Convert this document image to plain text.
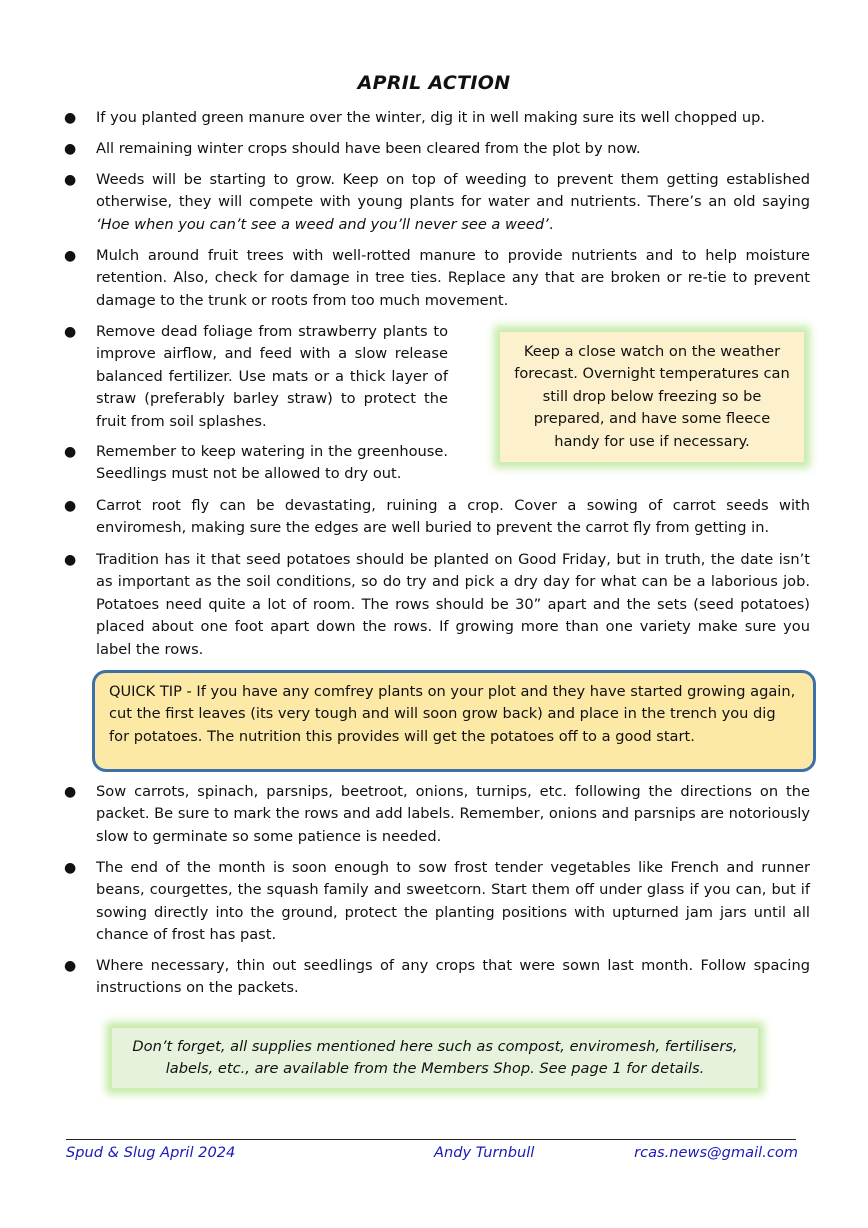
APRIL ACTION
● If you planted green manure over the winter, dig it in well making sure its well chopped up.
● All remaining winter crops should have been cleared from the plot by now.
● Weeds will be starting to grow. Keep on top of weeding to prevent them getting established otherwise, they will compete with young plants for water and nutrients. There’s an old saying ‘Hoe when you can’t see a weed and you’ll never see a weed’.
● Mulch around fruit trees with well-rotted manure to provide nutrients and to help moisture retention. Also, check for damage in tree ties. Replace any that are broken or re-tie to prevent damage to the trunk or roots from too much movement.
● Remove dead foliage from strawberry plants to improve airflow, and feed with a slow release balanced fertilizer. Use mats or a thick layer of straw (preferably barley straw) to protect the fruit from soil splashes.
● Remember to keep watering in the greenhouse. Seedlings must not be allowed to dry out.
Keep a close watch on the weather forecast. Overnight temperatures can still drop below freezing so be prepared, and have some fleece handy for use if necessary.
● Carrot root fly can be devastating, ruining a crop. Cover a sowing of carrot seeds with enviromesh, making sure the edges are well buried to prevent the carrot fly from getting in.
● Tradition has it that seed potatoes should be planted on Good Friday, but in truth, the date isn’t as important as the soil conditions, so do try and pick a dry day for what can be a laborious job. Potatoes need quite a lot of room. The rows should be 30” apart and the sets (seed potatoes) placed about one foot apart down the rows. If growing more than one variety make sure you label the rows.
QUICK TIP - If you have any comfrey plants on your plot and they have started growing again, cut the first leaves (its very tough and will soon grow back) and place in the trench you dig for potatoes. The nutrition this provides will get the potatoes off to a good start.
● Sow carrots, spinach, parsnips, beetroot, onions, turnips, etc. following the directions on the packet. Be sure to mark the rows and add labels. Remember, onions and parsnips are notoriously slow to germinate so some patience is needed.
● The end of the month is soon enough to sow frost tender vegetables like French and runner beans, courgettes, the squash family and sweetcorn. Start them off under glass if you can, but if sowing directly into the ground, protect the planting positions with upturned jam jars until all chance of frost has past.
● Where necessary, thin out seedlings of any crops that were sown last month. Follow spacing instructions on the packets.
Don’t forget, all supplies mentioned here such as compost, enviromesh, fertilisers, labels, etc., are available from the Members Shop. See page 1 for details.
Spud & Slug April 2024	Andy Turnbull	rcas.news@gmail.com
